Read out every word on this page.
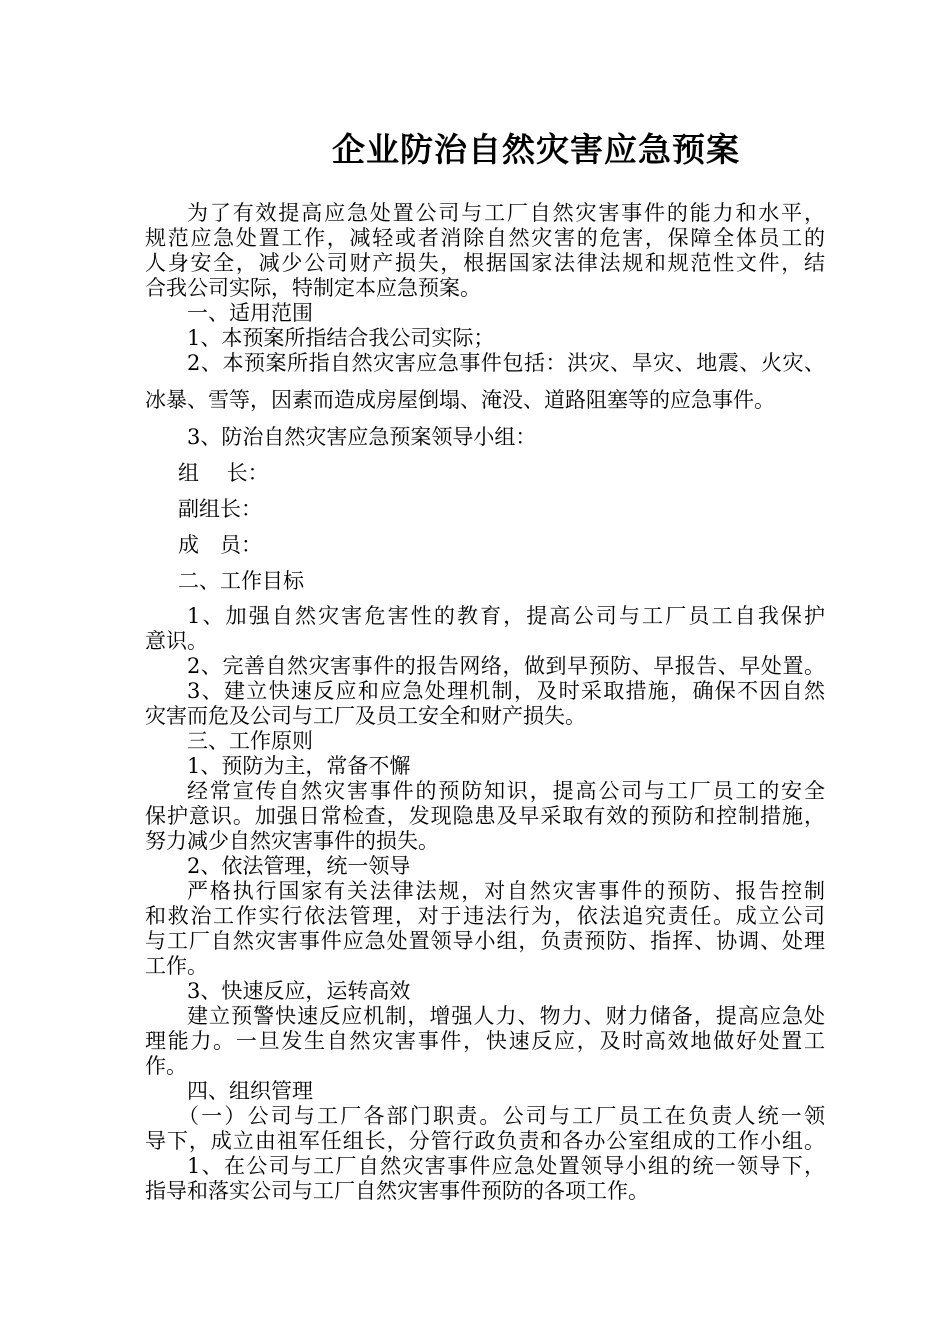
企业防治自然灾害应急预案
为了有效提高应急处置公司与工厂自然灾害事件的能力和水平，
规范应急处置工作，减轻或者消除自然灾害的危害，保障全体员工的
人身安全，减少公司财产损失，根据国家法律法规和规范性文件，结
合我公司实际，特制定本应急预案。
一、适用范围
1、本预案所指结合我公司实际；
2、本预案所指自然灾害应急事件包括：洪灾、旱灾、地震、火灾、
冰暴、雪等，因素而造成房屋倒塌、淹没、道路阻塞等的应急事件。
3、防治自然灾害应急预案领导小组：
组　 长：
副组长：
成　员：
二、工作目标
1、加强自然灾害危害性的教育，提高公司与工厂员工自我保护
意识。
2、完善自然灾害事件的报告网络，做到早预防、早报告、早处置。
3、建立快速反应和应急处理机制，及时采取措施，确保不因自然
灾害而危及公司与工厂及员工安全和财产损失。
三、工作原则
1、预防为主，常备不懈
经常宣传自然灾害事件的预防知识，提高公司与工厂员工的安全
保护意识。加强日常检查，发现隐患及早采取有效的预防和控制措施，
努力减少自然灾害事件的损失。
2、依法管理，统一领导
严格执行国家有关法律法规，对自然灾害事件的预防、报告控制
和救治工作实行依法管理，对于违法行为，依法追究责任。成立公司
与工厂自然灾害事件应急处置领导小组，负责预防、指挥、协调、处理
工作。
3、快速反应，运转高效
建立预警快速反应机制，增强人力、物力、财力储备，提高应急处
理能力。一旦发生自然灾害事件，快速反应，及时高效地做好处置工
作。
四、组织管理
（一）公司与工厂各部门职责。公司与工厂员工在负责人统一领
导下，成立由祖军任组长，分管行政负责和各办公室组成的工作小组。
1、在公司与工厂自然灾害事件应急处置领导小组的统一领导下，
指导和落实公司与工厂自然灾害事件预防的各项工作。
